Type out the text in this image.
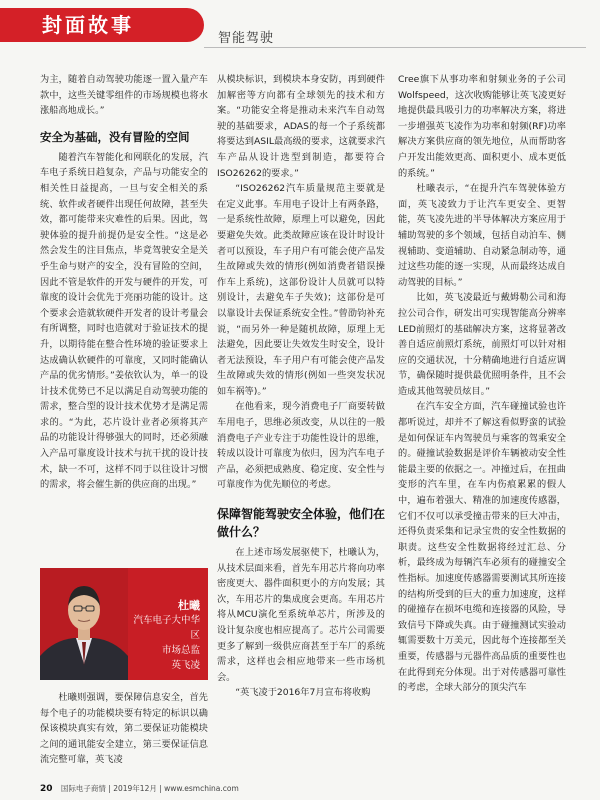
封面故事
智能驾驶

为主，随着自动驾驶功能逐一置入量产车款中，这些关键零组件的市场规模也将水涨船高地成长。”

安全为基础，没有冒险的空间

随着汽车智能化和网联化的发展，汽车电子系统日趋复杂，产品与功能安全的相关性日益提高，一旦与安全相关的系统、软件或者硬件出现任何故障，甚至失效，都可能带来灾难性的后果。因此，驾驶体验的提升前提仍是安全性。“这是必然会发生的注目焦点，毕竟驾驶安全是关乎生命与财产的安全，没有冒险的空间，因此不管是软件的开发与硬件的开发，可靠度的设计会优先于亮丽功能的设计。这个要求会造就软硬件开发者的设计考量会有所调整，同时也造就对于验证技术的提升，以期待能在整合性环境的验证要求上达成确认软硬件的可靠度，又同时能确认产品的优劣情形。”姜依钦认为，单一的设计技术优势已不足以满足自动驾驶功能的需求，整合型的设计技术优势才是满足需求的。“为此，芯片设计业者必须将其产品的功能设计得够强大的同时，还必须融入产品可靠度设计技术与抗干扰的设计技术，缺一不可，这样不同于以往设计习惯的需求，将会催生新的供应商的出现。”

杜曦
汽车电子大中华区
市场总监
英飞凌

杜曦则强调，要保障信息安全，首先每个电子的功能模块要有特定的标识以确保该模块真实有效，第二要保证功能模块之间的通讯能安全建立，第三要保证信息流完整可靠，英飞凌

从模块标识，到模块本身安防，再到硬件加解密等方向都有全球领先的技术和方案。“功能安全将是推动未来汽车自动驾驶的基础要求，ADAS的每一个子系统都将要达到ASIL最高级的要求，这就要求汽车产品从设计选型到制造，都要符合ISO26262的要求。”

“ISO26262汽车质量规范主要就是在定义此事。车用电子设计上有两条路，一是系统性故障，原理上可以避免，因此要避免失效。此类故障应该在设计时设计者可以预设，车子用户有可能会使产品发生故障或失效的情形(例如消费者错误操作车上系统)，这部份设计人员就可以特别设计，去避免车子失效)；这部份是可以靠设计去保证系统安全性。”曾劭钧补充说，“而另外一种是随机故障，原理上无法避免，因此要让失效发生时安全，设计者无法预设，车子用户有可能会使产品发生故障或失效的情形(例如一些突发状况如车祸等)。”

在他看来，现今消费电子厂商要转做车用电子，思维必须改变，从以往的一般消费电子产业专注于功能性设计的思维，转成以设计可靠度为依归，因为汽车电子产品，必须把成熟度、稳定度、安全性与可靠度作为优先顺位的考虑。

保障智能驾驶安全体验，他们在做什么？

在上述市场发展驱使下，杜曦认为，从技术层面来看，首先车用芯片将向功率密度更大、器件面积更小的方向发展；其次，车用芯片的集成度会更高。车用芯片将从MCU演化至系统单芯片，所涉及的设计复杂度也相应提高了。芯片公司需要更多了解到一级供应商甚至于车厂的系统需求，这样也会相应地带来一些市场机会。

“英飞凌于2016年7月宣布将收购

Cree旗下从事功率和射频业务的子公司Wolfspeed，这次收购能够让英飞凌更好地提供最具吸引力的功率解决方案，将进一步增强英飞凌作为功率和射频(RF)功率解决方案供应商的领先地位，从而帮助客户开发出能效更高、面积更小、成本更低的系统。”

杜曦表示，“在提升汽车驾驶体验方面，英飞凌致力于让汽车更安全、更智能，英飞凌先进的半导体解决方案应用于辅助驾驶的多个领域，包括自动泊车、侧视辅助、变道辅助、自动紧急制动等，通过这些功能的逐一实现，从而最终达成自动驾驶的目标。”

比如，英飞凌最近与戴姆勒公司和海拉公司合作，研发出可实现智能高分辨率LED前照灯的基础解决方案，这将显著改善自适应前照灯系统，前照灯可以针对相应的交通状况，十分精确地进行自适应调节，确保随时提供最优照明条件，且不会造成其他驾驶员炫目。”

在汽车安全方面，汽车碰撞试验也许都听说过，却并不了解这看似野蛮的试验是如何保证车内驾驶员与乘客的驾乘安全的。碰撞试验数据是评价车辆被动安全性能最主要的依据之一。冲撞过后，在扭曲变形的汽车里，在车内伤痕累累的假人中，遍布着强大、精准的加速度传感器，它们不仅可以承受撞击带来的巨大冲击，还得负责采集和记录宝贵的安全性数据的职责。这些安全性数据将经过汇总、分析，最终成为每辆汽车必须有的碰撞安全性指标。加速度传感器需要测试其所连接的结构所受到的巨大的重力加速度，这样的碰撞存在损坏电缆和连接器的风险，导致信号下降或失真。由于碰撞测试实验动辄需要数十万美元，因此每个连接都至关重要，传感器与元器件高品质的重要性也在此得到充分体现。出于对传感器可靠性的考虑，全球大部分的顶尖汽车

20 国际电子商情 | 2019年12月 | www.esmchina.com
